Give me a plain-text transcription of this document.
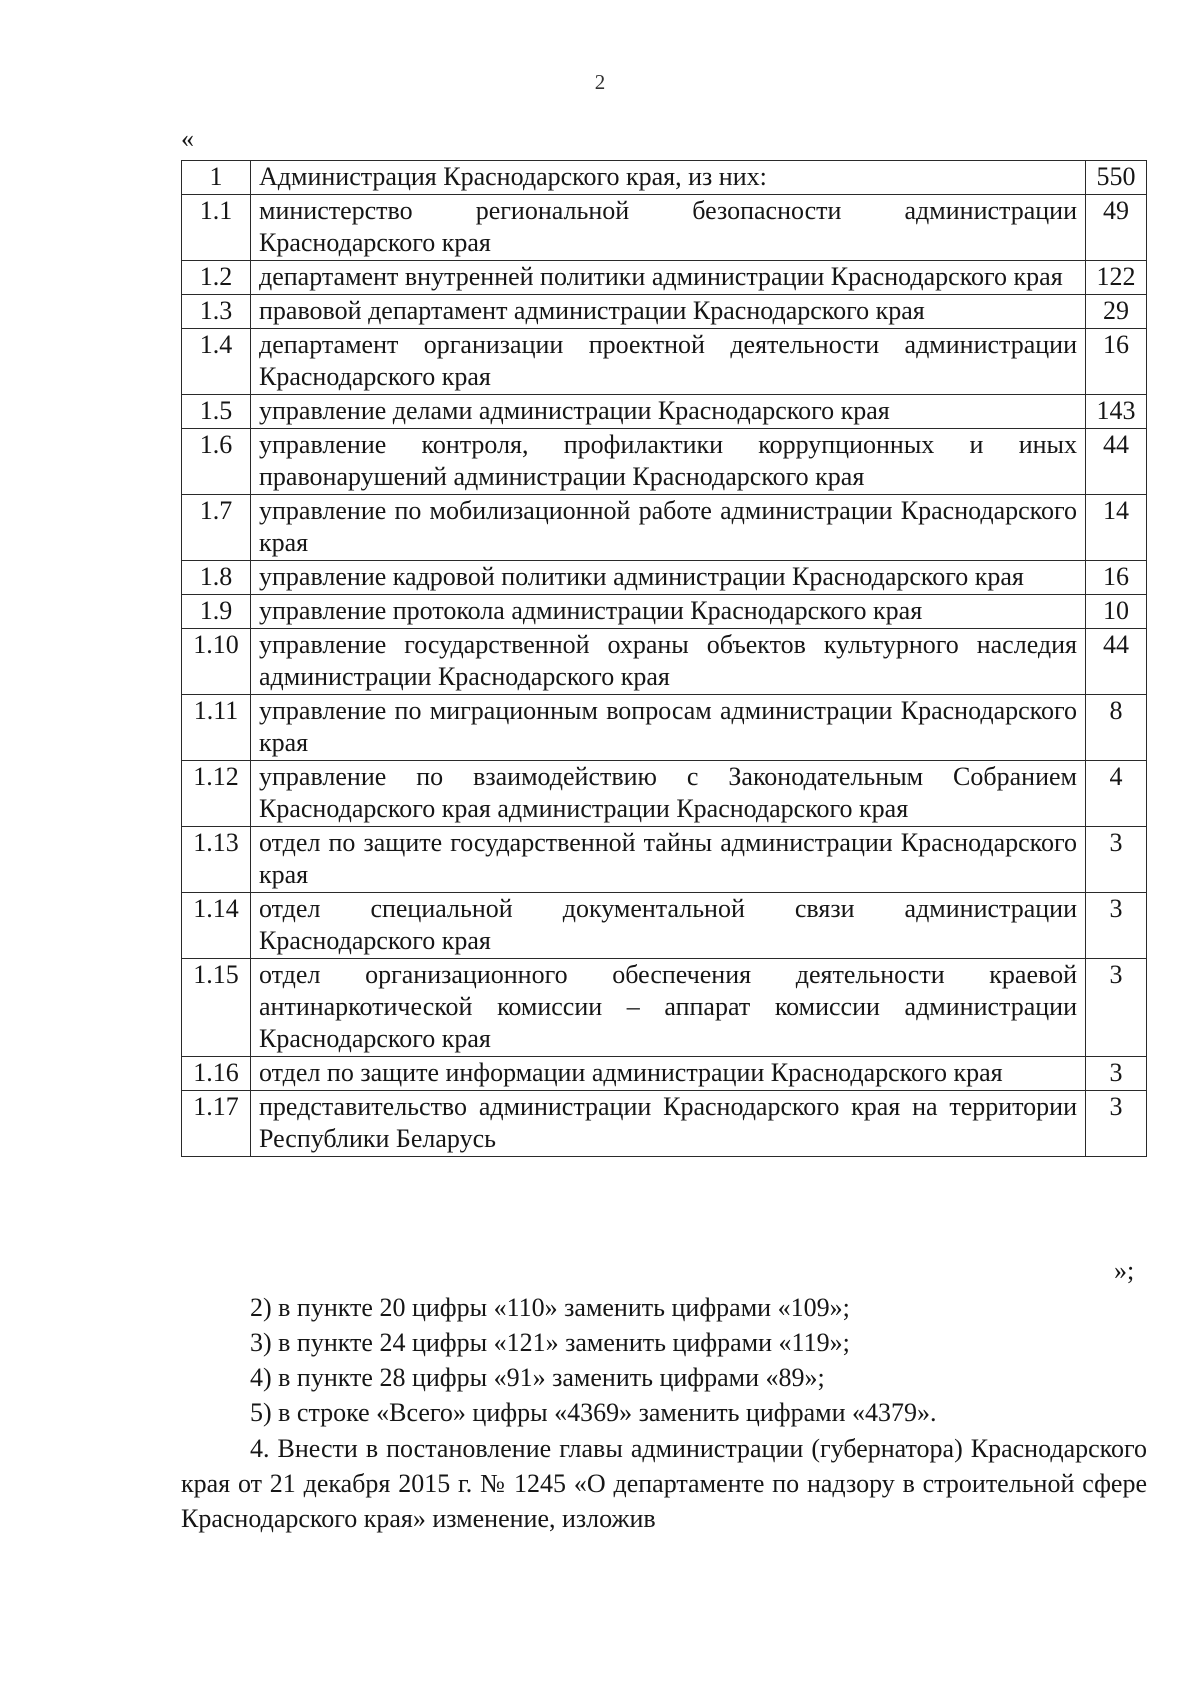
2
«
1	Администрация Краснодарского края, из них:	550
1.1	министерство региональной безопасности администрации Краснодарского края	49
1.2	департамент внутренней политики администрации Краснодарского края	122
1.3	правовой департамент администрации Краснодарского края	29
1.4	департамент организации проектной деятельности администрации Краснодарского края	16
1.5	управление делами администрации Краснодарского края	143
1.6	управление контроля, профилактики коррупционных и иных правонарушений администрации Краснодарского края	44
1.7	управление по мобилизационной работе администрации Краснодарского края	14
1.8	управление кадровой политики администрации Краснодарского края	16
1.9	управление протокола администрации Краснодарского края	10
1.10	управление государственной охраны объектов культурного наследия администрации Краснодарского края	44
1.11	управление по миграционным вопросам администрации Краснодарского края	8
1.12	управление по взаимодействию с Законодательным Собранием Краснодарского края администрации Краснодарского края	4
1.13	отдел по защите государственной тайны администрации Краснодарского края	3
1.14	отдел специальной документальной связи администрации Краснодарского края	3
1.15	отдел организационного обеспечения деятельности краевой антинаркотической комиссии – аппарат комиссии администрации Краснодарского края	3
1.16	отдел по защите информации администрации Краснодарского края	3
1.17	представительство администрации Краснодарского края на территории Республики Беларусь	3
»;

2) в пункте 20 цифры «110» заменить цифрами «109»;

3) в пункте 24 цифры «121» заменить цифрами «119»;

4) в пункте 28 цифры «91» заменить цифрами «89»;

5) в строке «Всего» цифры «4369» заменить цифрами «4379».

4. Внести в постановление главы администрации (губернатора) Краснодарского края от 21 декабря 2015 г. № 1245 «О департаменте по надзору в строительной сфере Краснодарского края» изменение, изложив
